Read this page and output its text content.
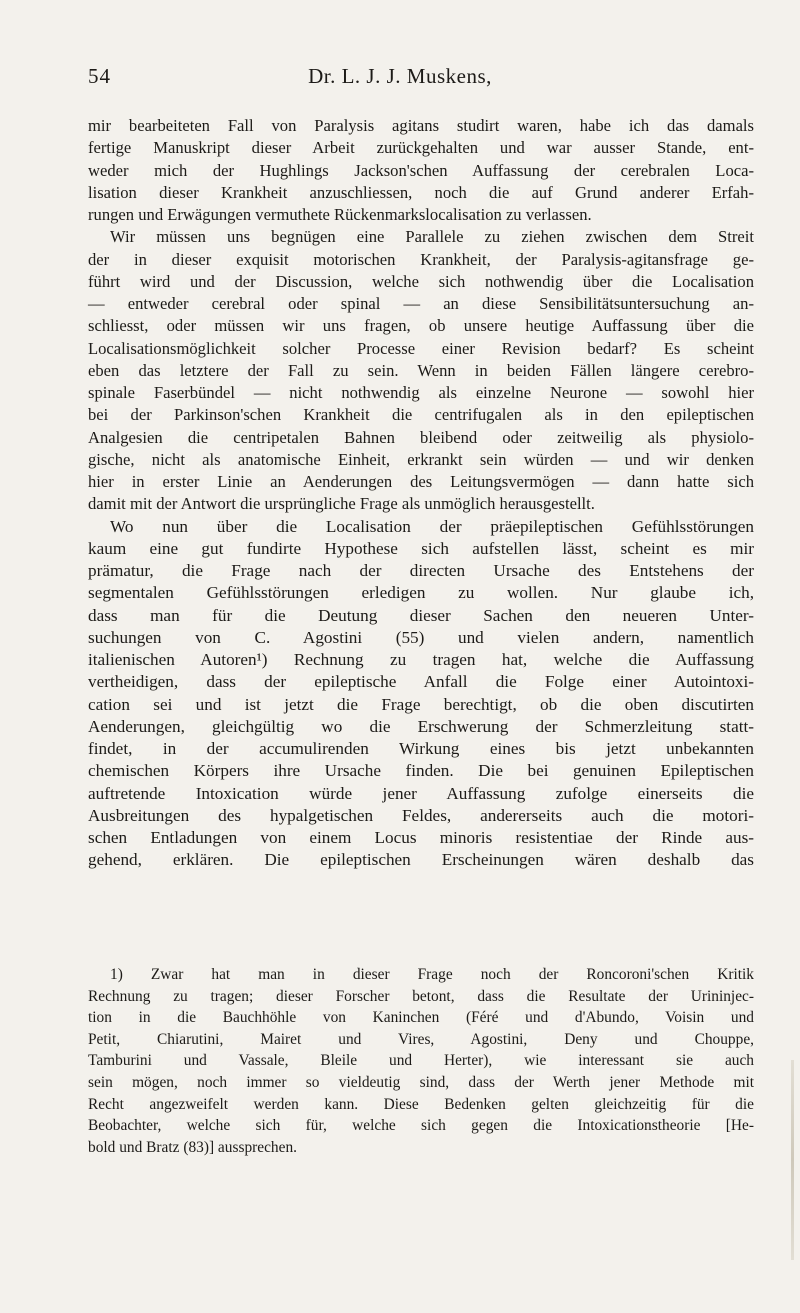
54	Dr. L. J. J. Muskens,
mir bearbeiteten Fall von Paralysis agitans studirt waren, habe ich das damals
fertige Manuskript dieser Arbeit zurückgehalten und war ausser Stande, ent-
weder mich der Hughlings Jackson'schen Auffassung der cerebralen Loca-
lisation dieser Krankheit anzuschliessen, noch die auf Grund anderer Erfah-
rungen und Erwägungen vermuthete Rückenmarkslocalisation zu verlassen.
Wir müssen uns begnügen eine Parallele zu ziehen zwischen dem Streit
der in dieser exquisit motorischen Krankheit, der Paralysis-agitansfrage ge-
führt wird und der Discussion, welche sich nothwendig über die Localisation
— entweder cerebral oder spinal — an diese Sensibilitätsuntersuchung an-
schliesst, oder müssen wir uns fragen, ob unsere heutige Auffassung über die
Localisationsmöglichkeit solcher Processe einer Revision bedarf? Es scheint
eben das letztere der Fall zu sein. Wenn in beiden Fällen längere cerebro-
spinale Faserbündel — nicht nothwendig als einzelne Neurone — sowohl hier
bei der Parkinson'schen Krankheit die centrifugalen als in den epileptischen
Analgesien die centripetalen Bahnen bleibend oder zeitweilig als physiolo-
gische, nicht als anatomische Einheit, erkrankt sein würden — und wir denken
hier in erster Linie an Aenderungen des Leitungsvermögen — dann hatte sich
damit mit der Antwort die ursprüngliche Frage als unmöglich herausgestellt.
Wo nun über die Localisation der präepileptischen Gefühlsstörungen
kaum eine gut fundirte Hypothese sich aufstellen lässt, scheint es mir
prämatur, die Frage nach der directen Ursache des Entstehens der
segmentalen Gefühlsstörungen erledigen zu wollen. Nur glaube ich,
dass man für die Deutung dieser Sachen den neueren Unter-
suchungen von C. Agostini (55) und vielen andern, namentlich
italienischen Autoren¹) Rechnung zu tragen hat, welche die Auffassung
vertheidigen, dass der epileptische Anfall die Folge einer Autointoxi-
cation sei und ist jetzt die Frage berechtigt, ob die oben discutirten
Aenderungen, gleichgültig wo die Erschwerung der Schmerzleitung statt-
findet, in der accumulirenden Wirkung eines bis jetzt unbekannten
chemischen Körpers ihre Ursache finden. Die bei genuinen Epileptischen
auftretende Intoxication würde jener Auffassung zufolge einerseits die
Ausbreitungen des hypalgetischen Feldes, andererseits auch die motori-
schen Entladungen von einem Locus minoris resistentiae der Rinde aus-
gehend, erklären. Die epileptischen Erscheinungen wären deshalb das
1) Zwar hat man in dieser Frage noch der Roncoroni'schen Kritik
Rechnung zu tragen; dieser Forscher betont, dass die Resultate der Urininjec-
tion in die Bauchhöhle von Kaninchen (Féré und d'Abundo, Voisin und
Petit, Chiarutini, Mairet und Vires, Agostini, Deny und Chouppe,
Tamburini und Vassale, Bleile und Herter), wie interessant sie auch
sein mögen, noch immer so vieldeutig sind, dass der Werth jener Methode mit
Recht angezweifelt werden kann. Diese Bedenken gelten gleichzeitig für die
Beobachter, welche sich für, welche sich gegen die Intoxicationstheorie [He-
bold und Bratz (83)] aussprechen.
